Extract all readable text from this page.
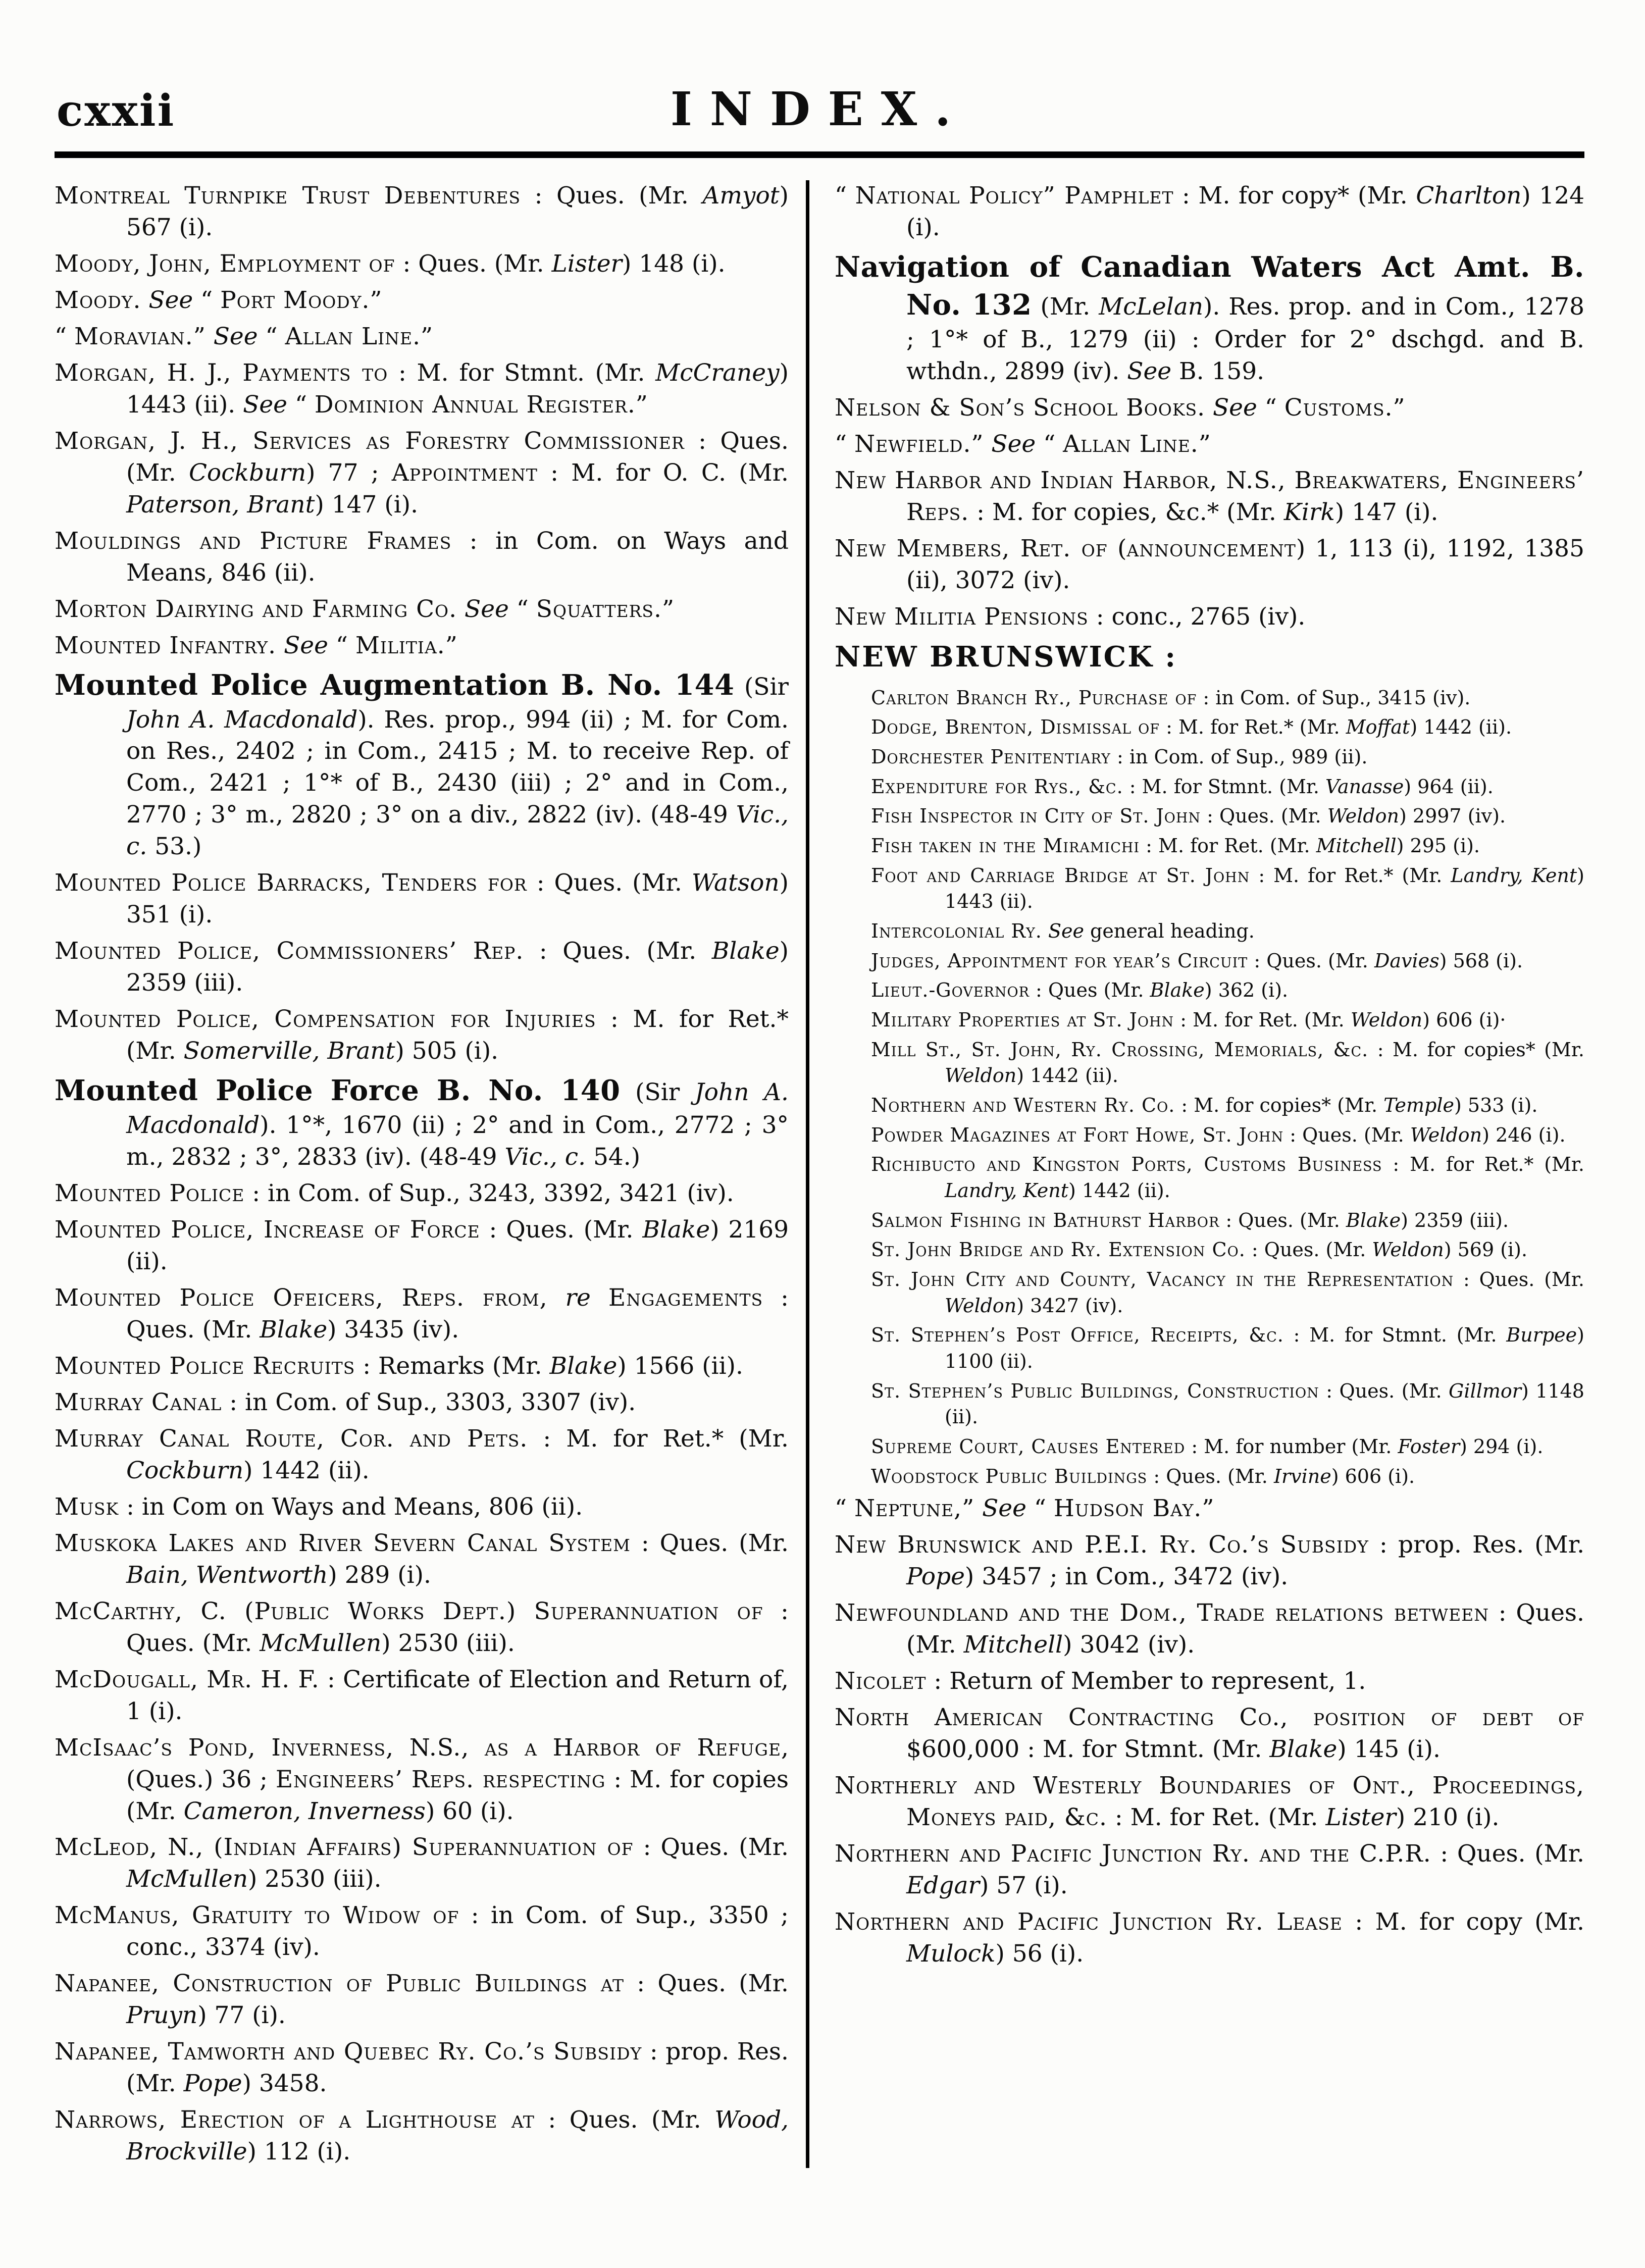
cxxii	INDEX.

Montreal Turnpike Trust Debentures : Ques. (Mr. Amyot) 567 (i).

Moody, John, Employment of : Ques. (Mr. Lister) 148 (i).

Moody. See “ Port Moody.”

“ Moravian.” See “ Allan Line.”

Morgan, H. J., Payments to : M. for Stmnt. (Mr. McCraney) 1443 (ii). See “ Dominion Annual Register.”

Morgan, J. H., Services as Forestry Commissioner : Ques. (Mr. Cockburn) 77 ; Appointment : M. for O. C. (Mr. Paterson, Brant) 147 (i).

Mouldings and Picture Frames : in Com. on Ways and Means, 846 (ii).

Morton Dairying and Farming Co. See “ Squatters.”

Mounted Infantry. See “ Militia.”

Mounted Police Augmentation B. No. 144 (Sir John A. Macdonald). Res. prop., 994 (ii) ; M. for Com. on Res., 2402 ; in Com., 2415 ; M. to receive Rep. of Com., 2421 ; 1°* of B., 2430 (iii) ; 2° and in Com., 2770 ; 3° m., 2820 ; 3° on a div., 2822 (iv). (48-49 Vic., c. 53.)

Mounted Police Barracks, Tenders for : Ques. (Mr. Watson) 351 (i).

Mounted Police, Commissioners’ Rep. : Ques. (Mr. Blake) 2359 (iii).

Mounted Police, Compensation for Injuries : M. for Ret.* (Mr. Somerville, Brant) 505 (i).

Mounted Police Force B. No. 140 (Sir John A. Macdonald). 1°*, 1670 (ii) ; 2° and in Com., 2772 ; 3° m., 2832 ; 3°, 2833 (iv). (48-49 Vic., c. 54.)

Mounted Police : in Com. of Sup., 3243, 3392, 3421 (iv).

Mounted Police, Increase of Force : Ques. (Mr. Blake) 2169 (ii).

Mounted Police Ofeicers, Reps. from, re Engagements : Ques. (Mr. Blake) 3435 (iv).

Mounted Police Recruits : Remarks (Mr. Blake) 1566 (ii).

Murray Canal : in Com. of Sup., 3303, 3307 (iv).

Murray Canal Route, Cor. and Pets. : M. for Ret.* (Mr. Cockburn) 1442 (ii).

Musk : in Com on Ways and Means, 806 (ii).

Muskoka Lakes and River Severn Canal System : Ques. (Mr. Bain, Wentworth) 289 (i).

McCarthy, C. (Public Works Dept.) Superannuation of : Ques. (Mr. McMullen) 2530 (iii).

McDougall, Mr. H. F. : Certificate of Election and Return of, 1 (i).

McIsaac’s Pond, Inverness, N.S., as a Harbor of Refuge, (Ques.) 36 ; Engineers’ Reps. respecting : M. for copies (Mr. Cameron, Inverness) 60 (i).

McLeod, N., (Indian Affairs) Superannuation of : Ques. (Mr. McMullen) 2530 (iii).

McManus, Gratuity to Widow of : in Com. of Sup., 3350 ; conc., 3374 (iv).

Napanee, Construction of Public Buildings at : Ques. (Mr. Pruyn) 77 (i).

Napanee, Tamworth and Quebec Ry. Co.’s Subsidy : prop. Res. (Mr. Pope) 3458.

Narrows, Erection of a Lighthouse at : Ques. (Mr. Wood, Brockville) 112 (i).

“ National Policy” Pamphlet : M. for copy* (Mr. Charlton) 124 (i).

Navigation of Canadian Waters Act Amt. B. No. 132 (Mr. McLelan). Res. prop. and in Com., 1278 ; 1°* of B., 1279 (ii) : Order for 2° dschgd. and B. wthdn., 2899 (iv). See B. 159.

Nelson & Son’s School Books. See “ Customs.”

“ Newfield.” See “ Allan Line.”

New Harbor and Indian Harbor, N.S., Breakwaters, Engineers’ Reps. : M. for copies, &c.* (Mr. Kirk) 147 (i).

New Members, Ret. of (announcement) 1, 113 (i), 1192, 1385 (ii), 3072 (iv).

New Militia Pensions : conc., 2765 (iv).

NEW BRUNSWICK :

Carlton Branch Ry., Purchase of : in Com. of Sup., 3415 (iv).

Dodge, Brenton, Dismissal of : M. for Ret.* (Mr. Moffat) 1442 (ii).

Dorchester Penitentiary : in Com. of Sup., 989 (ii).

Expenditure for Rys., &c. : M. for Stmnt. (Mr. Vanasse) 964 (ii).

Fish Inspector in City of St. John : Ques. (Mr. Weldon) 2997 (iv).

Fish taken in the Miramichi : M. for Ret. (Mr. Mitchell) 295 (i).

Foot and Carriage Bridge at St. John : M. for Ret.* (Mr. Landry, Kent) 1443 (ii).

Intercolonial Ry. See general heading.

Judges, Appointment for year’s Circuit : Ques. (Mr. Davies) 568 (i).

Lieut.-Governor : Ques (Mr. Blake) 362 (i).

Military Properties at St. John : M. for Ret. (Mr. Weldon) 606 (i)·

Mill St., St. John, Ry. Crossing, Memorials, &c. : M. for copies* (Mr. Weldon) 1442 (ii).

Northern and Western Ry. Co. : M. for copies* (Mr. Temple) 533 (i).

Powder Magazines at Fort Howe, St. John : Ques. (Mr. Weldon) 246 (i).

Richibucto and Kingston Ports, Customs Business : M. for Ret.* (Mr. Landry, Kent) 1442 (ii).

Salmon Fishing in Bathurst Harbor : Ques. (Mr. Blake) 2359 (iii).

St. John Bridge and Ry. Extension Co. : Ques. (Mr. Weldon) 569 (i).

St. John City and County, Vacancy in the Representation : Ques. (Mr. Weldon) 3427 (iv).

St. Stephen’s Post Office, Receipts, &c. : M. for Stmnt. (Mr. Burpee) 1100 (ii).

St. Stephen’s Public Buildings, Construction : Ques. (Mr. Gillmor) 1148 (ii).

Supreme Court, Causes Entered : M. for number (Mr. Foster) 294 (i).

Woodstock Public Buildings : Ques. (Mr. Irvine) 606 (i).

“ Neptune,” See “ Hudson Bay.”

New Brunswick and P.E.I. Ry. Co.’s Subsidy : prop. Res. (Mr. Pope) 3457 ; in Com., 3472 (iv).

Newfoundland and the Dom., Trade relations between : Ques. (Mr. Mitchell) 3042 (iv).

Nicolet : Return of Member to represent, 1.

North American Contracting Co., position of debt of $600,000 : M. for Stmnt. (Mr. Blake) 145 (i).

Northerly and Westerly Boundaries of Ont., Proceedings, Moneys paid, &c. : M. for Ret. (Mr. Lister) 210 (i).

Northern and Pacific Junction Ry. and the C.P.R. : Ques. (Mr. Edgar) 57 (i).

Northern and Pacific Junction Ry. Lease : M. for copy (Mr. Mulock) 56 (i).
